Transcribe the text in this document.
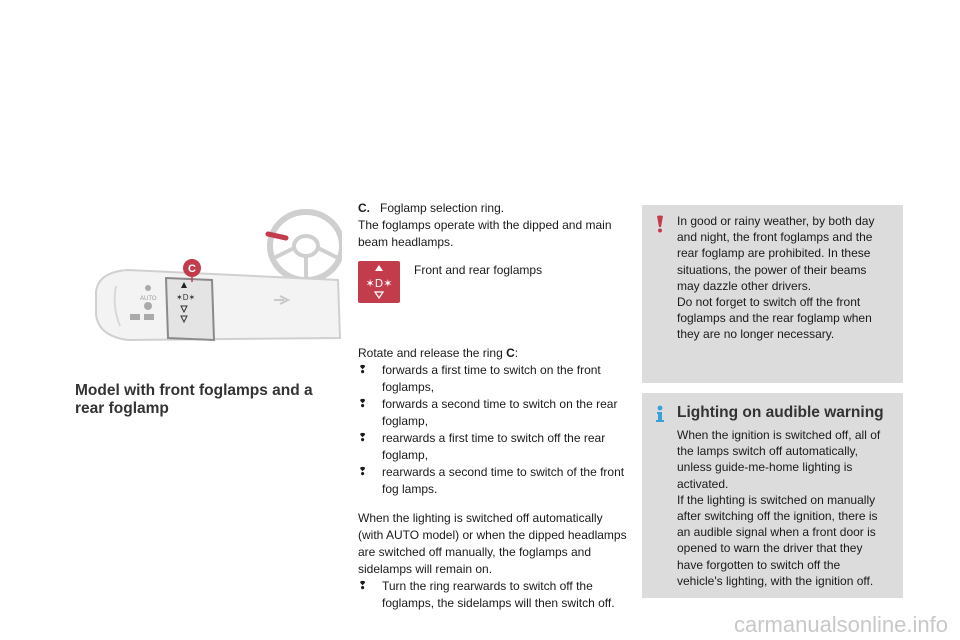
AUTO ✶D✶
C
Model with front foglamps and a rear foglamp

C. Foglamp selection ring.

The foglamps operate with the dipped and main beam headlamps.

✶D✶
Front and rear foglamps

Rotate and release the ring C:

❢ forwards a first time to switch on the front foglamps,
❢ forwards a second time to switch on the rear foglamp,
❢ rearwards a first time to switch off the rear foglamp,
❢ rearwards a second time to switch of the front fog lamps.

When the lighting is switched off automatically (with AUTO model) or when the dipped headlamps are switched off manually, the foglamps and sidelamps will remain on.

❢ Turn the ring rearwards to switch off the foglamps, the sidelamps will then switch off.

In good or rainy weather, by both day and night, the front foglamps and the rear foglamp are prohibited. In these situations, the power of their beams may dazzle other drivers.

Do not forget to switch off the front foglamps and the rear foglamp when they are no longer necessary.

Lighting on audible warning

When the ignition is switched off, all of the lamps switch off automatically, unless guide-me-home lighting is activated.

If the lighting is switched on manually after switching off the ignition, there is an audible signal when a front door is opened to warn the driver that they have forgotten to switch off the vehicle's lighting, with the ignition off.

carmanualsonline.info
